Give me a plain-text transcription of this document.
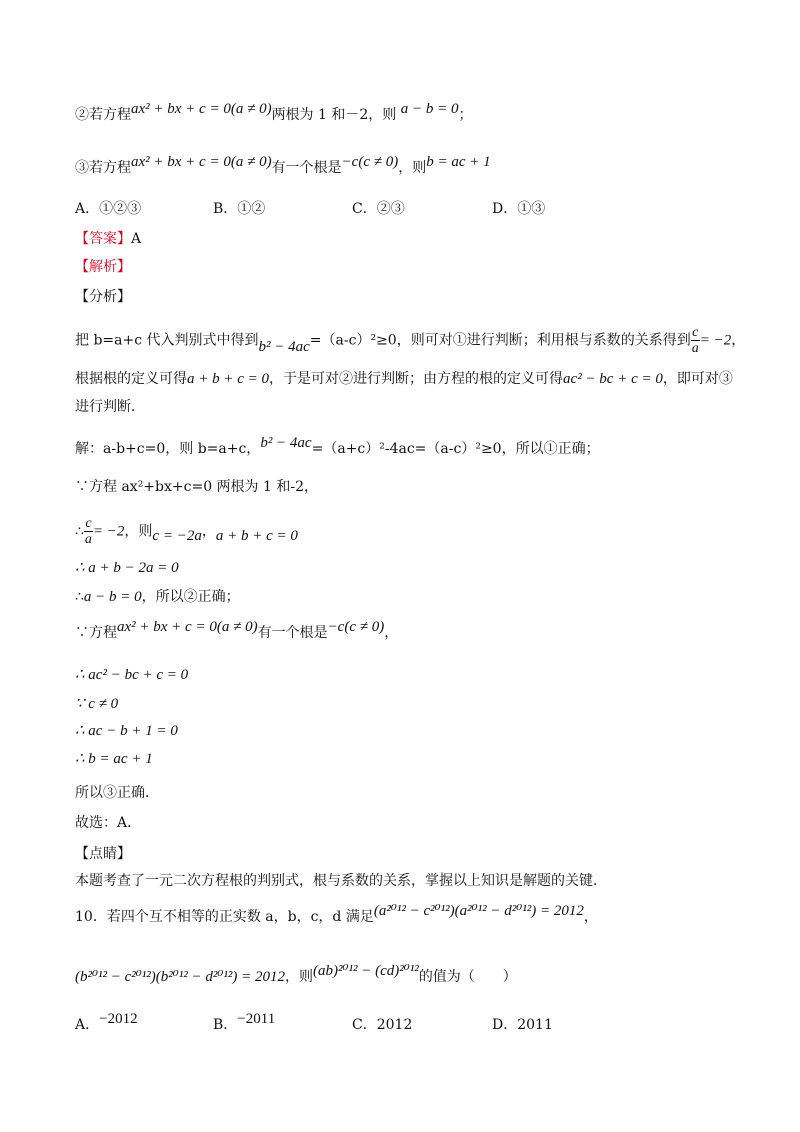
②若方程ax² + bx + c = 0(a ≠ 0)两根为 1 和－2，则 a − b = 0；
③若方程ax² + bx + c = 0(a ≠ 0)有一个根是−c(c ≠ 0)，则b = ac + 1
A．①②③	B．①②	C．②③	D．①③
【答案】A
【解析】
【分析】
把 b=a+c 代入判别式中得到b² − 4ac=（a-c）²≥0，则可对①进行判断；利用根与系数的关系得到 $\frac{c}{a} = -2$，
根据根的定义可得a + b + c = 0，于是可对②进行判断；由方程的根的定义可得ac² − bc + c = 0，即可对③
进行判断．
解：a-b+c=0，则 b=a+c，b² − 4ac=（a+c）²-4ac=（a-c）²≥0，所以①正确；
∵方程 ax²+bx+c=0 两根为 1 和-2，
∴ $\frac{c}{a} = -2$，则c = −2a，a + b + c = 0
∴ a + b − 2a = 0
∴a − b = 0，所以②正确；
∵方程ax² + bx + c = 0(a ≠ 0)有一个根是−c(c ≠ 0)，
∴ ac² − bc + c = 0
∵ c ≠ 0
∴ ac − b + 1 = 0
∴ b = ac + 1
所以③正确．
故选：A．
【点睛】
本题考查了一元二次方程根的判别式，根与系数的关系，掌握以上知识是解题的关键．
10．若四个互不相等的正实数 a，b，c，d 满足(a²⁰¹² − c²⁰¹²)(a²⁰¹² − d²⁰¹²) = 2012，
(b²⁰¹² − c²⁰¹²)(b²⁰¹² − d²⁰¹²) = 2012，则(ab)²⁰¹² − (cd)²⁰¹²的值为（　　）
A．−2012	B．−2011	C．2012	D．2011
